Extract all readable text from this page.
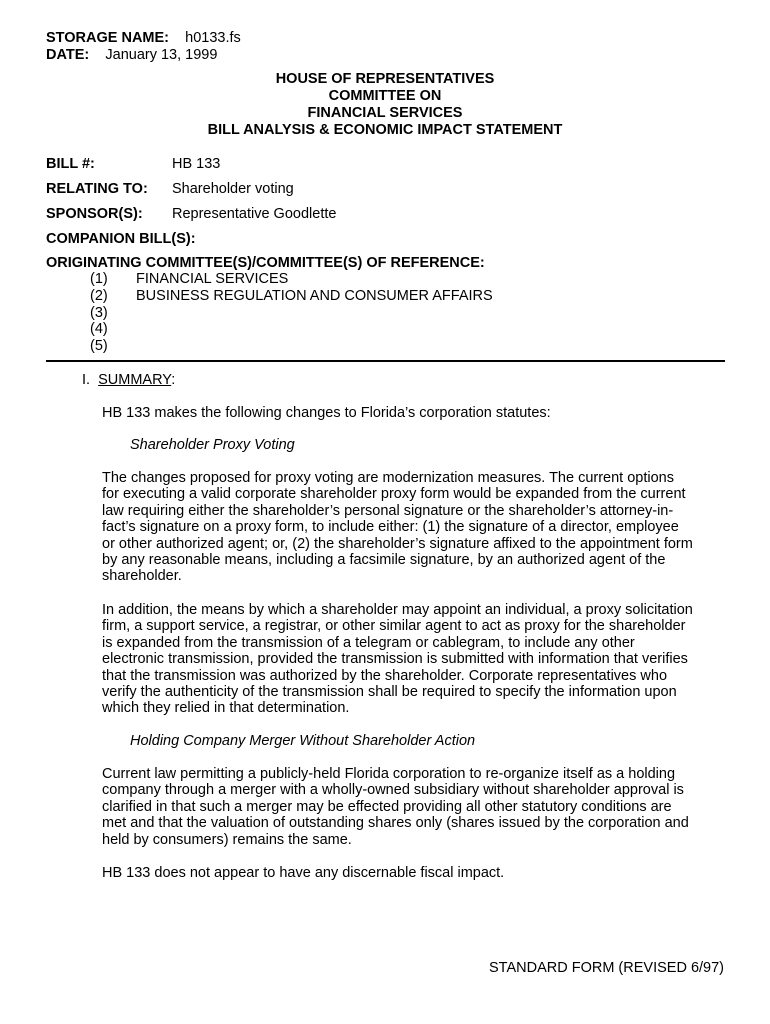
STORAGE NAME: h0133.fs
DATE: January 13, 1999
HOUSE OF REPRESENTATIVES
COMMITTEE ON
FINANCIAL SERVICES
BILL ANALYSIS & ECONOMIC IMPACT STATEMENT
BILL #:	HB 133
RELATING TO: Shareholder voting
SPONSOR(S): Representative Goodlette
COMPANION BILL(S):
ORIGINATING COMMITTEE(S)/COMMITTEE(S) OF REFERENCE:
(1) FINANCIAL SERVICES
(2) BUSINESS REGULATION AND CONSUMER AFFAIRS
(3)
(4)
(5)
I. SUMMARY:
HB 133 makes the following changes to Florida’s corporation statutes:
Shareholder Proxy Voting
The changes proposed for proxy voting are modernization measures. The current options
for executing a valid corporate shareholder proxy form would be expanded from the current
law requiring either the shareholder’s personal signature or the shareholder’s attorney-in-
fact’s signature on a proxy form, to include either: (1) the signature of a director, employee
or other authorized agent; or, (2) the shareholder’s signature affixed to the appointment form
by any reasonable means, including a facsimile signature, by an authorized agent of the
shareholder.
In addition, the means by which a shareholder may appoint an individual, a proxy solicitation
firm, a support service, a registrar, or other similar agent to act as proxy for the shareholder
is expanded from the transmission of a telegram or cablegram, to include any other
electronic transmission, provided the transmission is submitted with information that verifies
that the transmission was authorized by the shareholder. Corporate representatives who
verify the authenticity of the transmission shall be required to specify the information upon
which they relied in that determination.
Holding Company Merger Without Shareholder Action
Current law permitting a publicly-held Florida corporation to re-organize itself as a holding
company through a merger with a wholly-owned subsidiary without shareholder approval is
clarified in that such a merger may be effected providing all other statutory conditions are
met and that the valuation of outstanding shares only (shares issued by the corporation and
held by consumers) remains the same.
HB 133 does not appear to have any discernable fiscal impact.
STANDARD FORM (REVISED 6/97)
